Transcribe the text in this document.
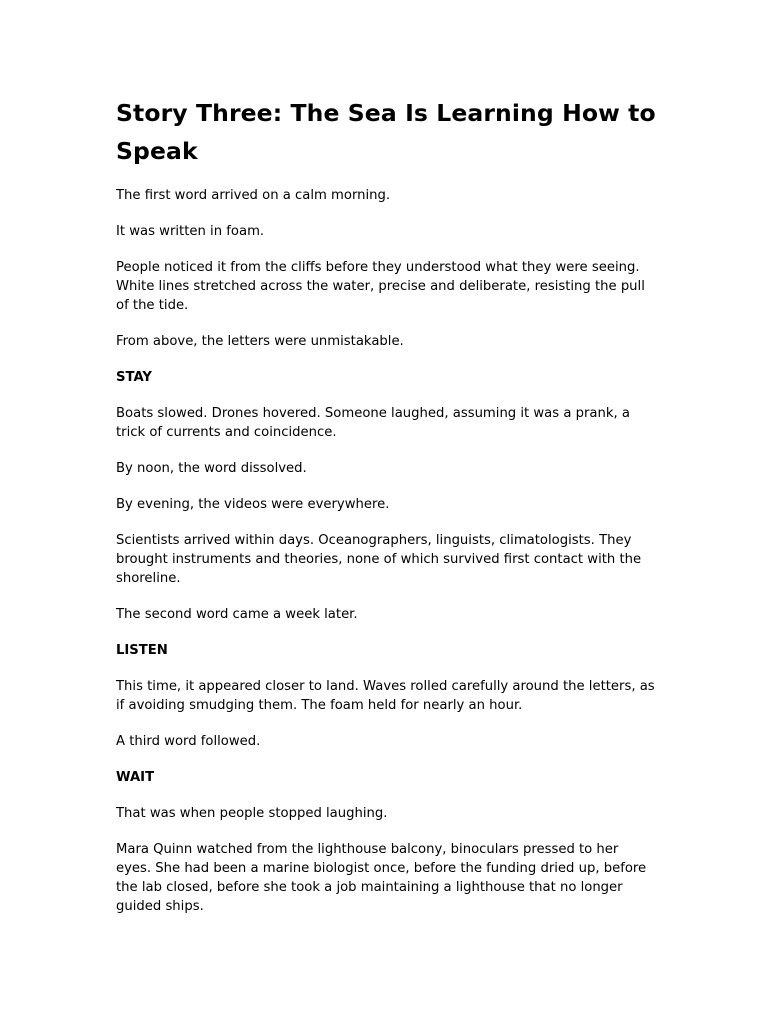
Story Three: The Sea Is Learning How to Speak
The first word arrived on a calm morning.
It was written in foam.
People noticed it from the cliffs before they understood what they were seeing. White lines stretched across the water, precise and deliberate, resisting the pull of the tide.
From above, the letters were unmistakable.
STAY
Boats slowed. Drones hovered. Someone laughed, assuming it was a prank, a trick of currents and coincidence.
By noon, the word dissolved.
By evening, the videos were everywhere.
Scientists arrived within days. Oceanographers, linguists, climatologists. They brought instruments and theories, none of which survived first contact with the shoreline.
The second word came a week later.
LISTEN
This time, it appeared closer to land. Waves rolled carefully around the letters, as if avoiding smudging them. The foam held for nearly an hour.
A third word followed.
WAIT
That was when people stopped laughing.
Mara Quinn watched from the lighthouse balcony, binoculars pressed to her eyes. She had been a marine biologist once, before the funding dried up, before the lab closed, before she took a job maintaining a lighthouse that no longer guided ships.
